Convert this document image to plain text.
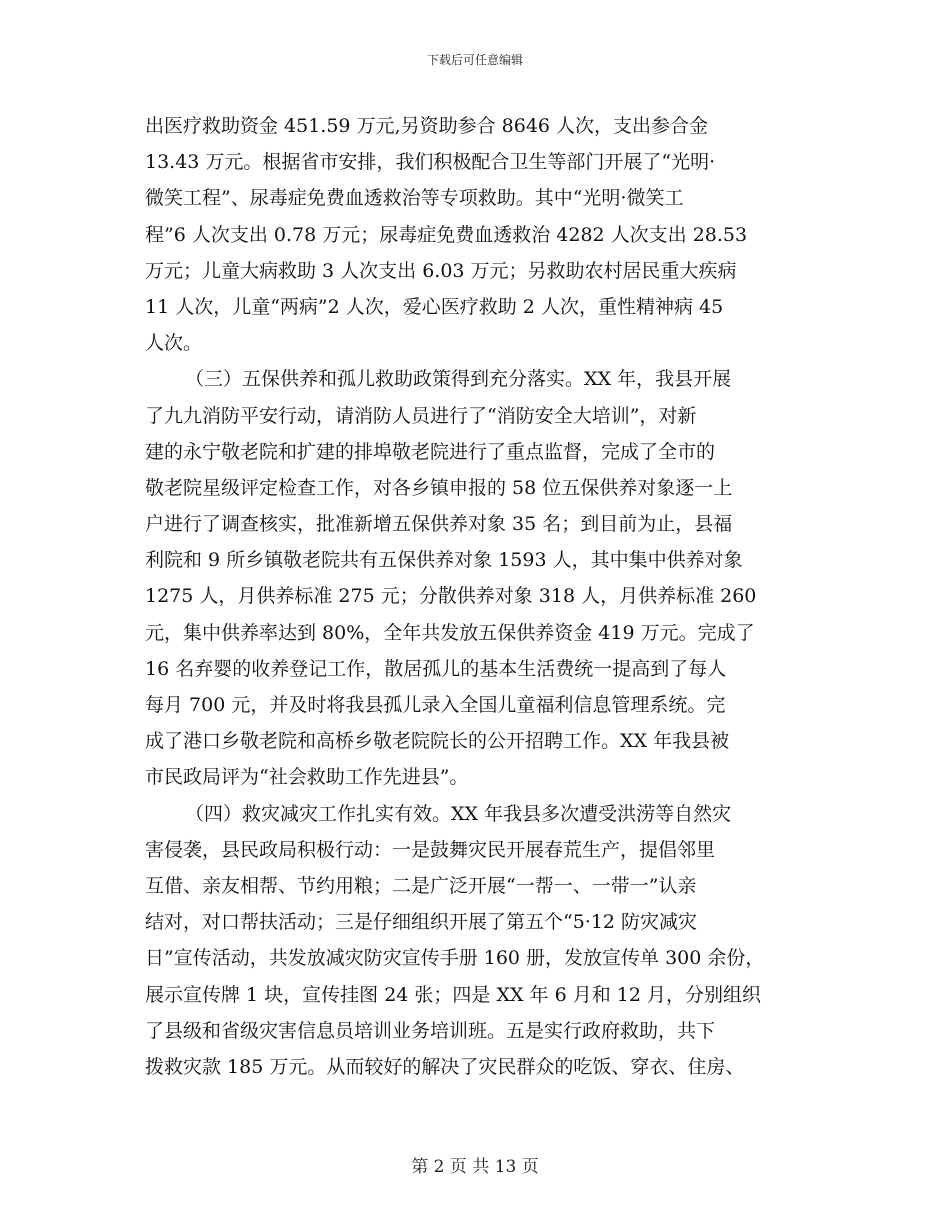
下载后可任意编辑
出医疗救助资金 451.59 万元,另资助参合 8646 人次，支出参合金
13.43 万元。根据省市安排，我们积极配合卫生等部门开展了“光明·
微笑工程”、尿毒症免费血透救治等专项救助。其中“光明·微笑工
程”6 人次支出 0.78 万元；尿毒症免费血透救治 4282 人次支出 28.53
万元；儿童大病救助 3 人次支出 6.03 万元；另救助农村居民重大疾病
11 人次，儿童“两病”2 人次，爱心医疗救助 2 人次，重性精神病 45
人次。
（三）五保供养和孤儿救助政策得到充分落实。XX 年，我县开展
了九九消防平安行动，请消防人员进行了“消防安全大培训”，对新
建的永宁敬老院和扩建的排埠敬老院进行了重点监督，完成了全市的
敬老院星级评定检查工作，对各乡镇申报的 58 位五保供养对象逐一上
户进行了调查核实，批准新增五保供养对象 35 名；到目前为止，县福
利院和 9 所乡镇敬老院共有五保供养对象 1593 人，其中集中供养对象
1275 人，月供养标准 275 元；分散供养对象 318 人，月供养标准 260
元，集中供养率达到 80%，全年共发放五保供养资金 419 万元。完成了
16 名弃婴的收养登记工作，散居孤儿的基本生活费统一提高到了每人
每月 700 元，并及时将我县孤儿录入全国儿童福利信息管理系统。完
成了港口乡敬老院和高桥乡敬老院院长的公开招聘工作。XX 年我县被
市民政局评为“社会救助工作先进县”。
（四）救灾减灾工作扎实有效。XX 年我县多次遭受洪涝等自然灾
害侵袭，县民政局积极行动：一是鼓舞灾民开展春荒生产，提倡邻里
互借、亲友相帮、节约用粮；二是广泛开展“一帮一、一带一”认亲
结对，对口帮扶活动；三是仔细组织开展了第五个“5·12 防灾减灾
日”宣传活动，共发放减灾防灾宣传手册 160 册，发放宣传单 300 余份，
展示宣传牌 1 块，宣传挂图 24 张；四是 XX 年 6 月和 12 月，分别组织
了县级和省级灾害信息员培训业务培训班。五是实行政府救助，共下
拨救灾款 185 万元。从而较好的解决了灾民群众的吃饭、穿衣、住房、
第 2 页 共 13 页
